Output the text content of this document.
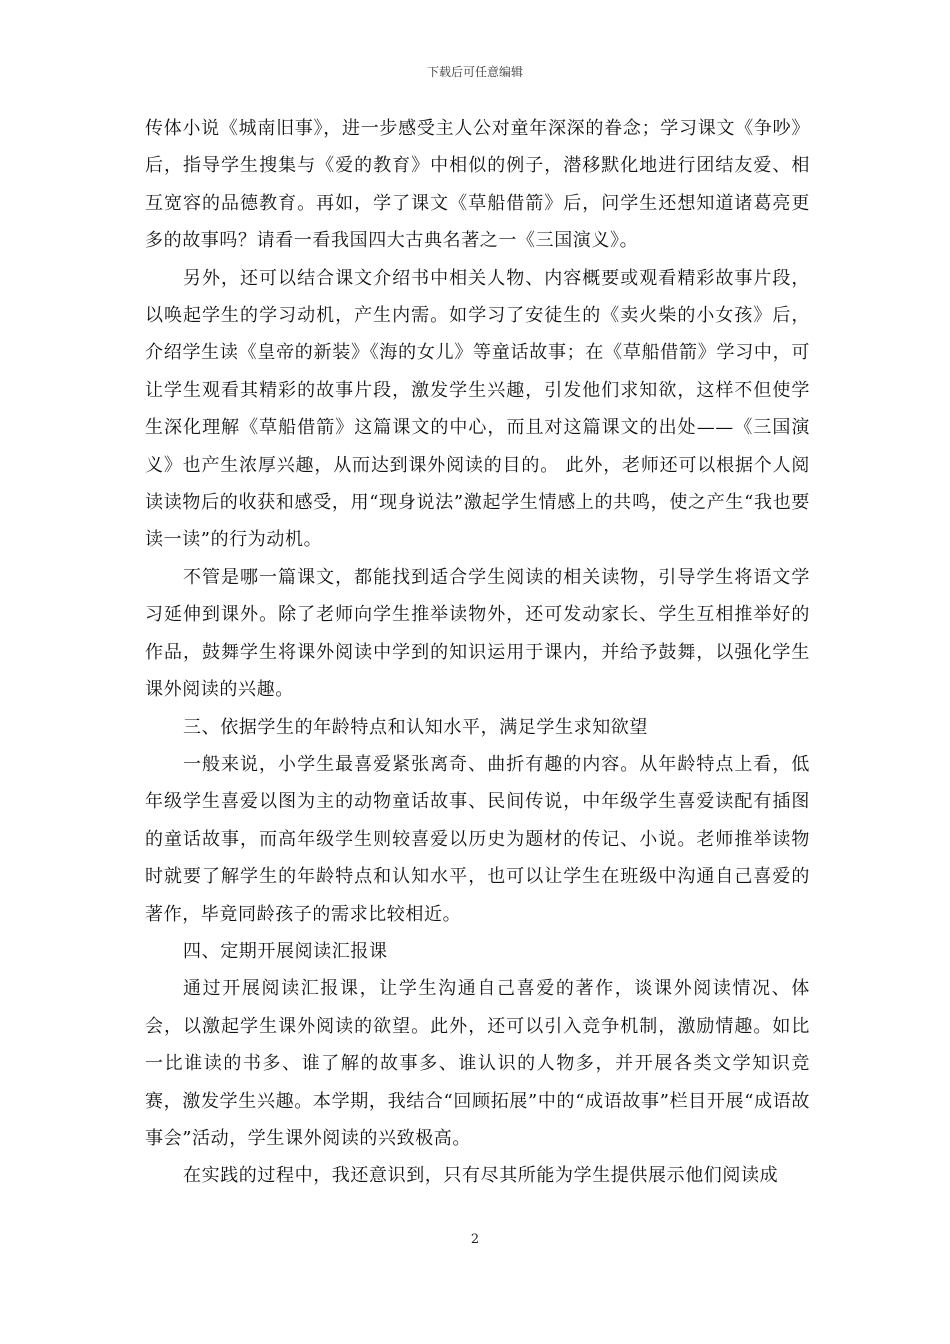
下载后可任意编辑

传体小说《城南旧事》，进一步感受主人公对童年深深的眷念；学习课文《争吵》后，指导学生搜集与《爱的教育》中相似的例子，潜移默化地进行团结友爱、相互宽容的品德教育。再如，学了课文《草船借箭》后，问学生还想知道诸葛亮更多的故事吗？请看一看我国四大古典名著之一《三国演义》。

另外，还可以结合课文介绍书中相关人物、内容概要或观看精彩故事片段，以唤起学生的学习动机，产生内需。如学习了安徒生的《卖火柴的小女孩》后，介绍学生读《皇帝的新装》《海的女儿》等童话故事；在《草船借箭》学习中，可让学生观看其精彩的故事片段，激发学生兴趣，引发他们求知欲，这样不但使学生深化理解《草船借箭》这篇课文的中心，而且对这篇课文的出处——《三国演义》也产生浓厚兴趣，从而达到课外阅读的目的。 此外，老师还可以根据个人阅读读物后的收获和感受，用“现身说法”激起学生情感上的共鸣，使之产生“我也要读一读”的行为动机。

不管是哪一篇课文，都能找到适合学生阅读的相关读物，引导学生将语文学习延伸到课外。除了老师向学生推举读物外，还可发动家长、学生互相推举好的作品，鼓舞学生将课外阅读中学到的知识运用于课内，并给予鼓舞，以强化学生课外阅读的兴趣。

三、依据学生的年龄特点和认知水平，满足学生求知欲望

一般来说，小学生最喜爱紧张离奇、曲折有趣的内容。从年龄特点上看，低年级学生喜爱以图为主的动物童话故事、民间传说，中年级学生喜爱读配有插图的童话故事，而高年级学生则较喜爱以历史为题材的传记、小说。老师推举读物时就要了解学生的年龄特点和认知水平，也可以让学生在班级中沟通自己喜爱的著作，毕竟同龄孩子的需求比较相近。

四、定期开展阅读汇报课

通过开展阅读汇报课，让学生沟通自己喜爱的著作，谈课外阅读情况、体会，以激起学生课外阅读的欲望。此外，还可以引入竞争机制，激励情趣。如比一比谁读的书多、谁了解的故事多、谁认识的人物多，并开展各类文学知识竞赛，激发学生兴趣。本学期，我结合“回顾拓展”中的“成语故事”栏目开展“成语故事会”活动，学生课外阅读的兴致极高。

在实践的过程中，我还意识到，只有尽其所能为学生提供展示他们阅读成

2
